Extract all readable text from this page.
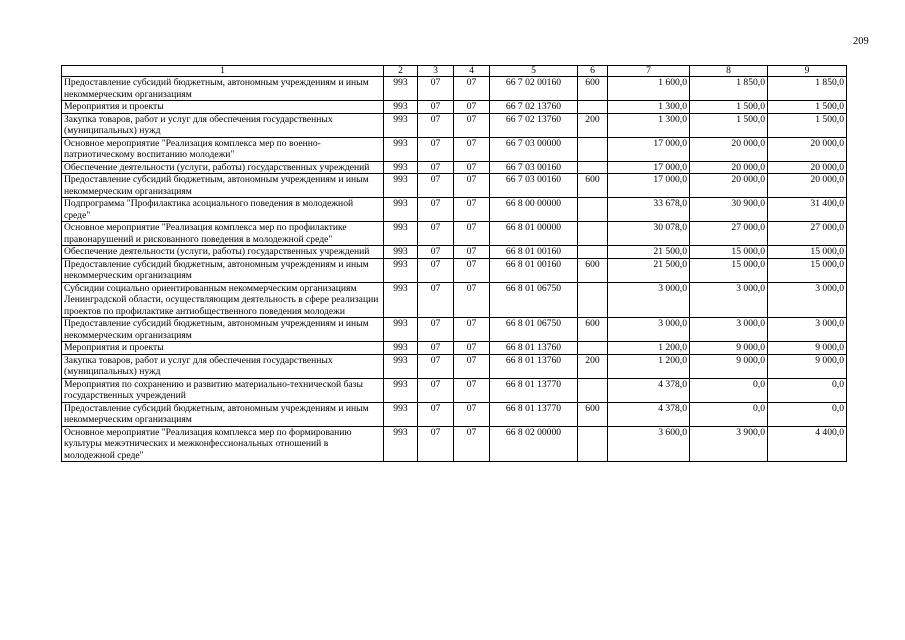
209
1	2	3	4	5	6	7	8	9
Предоставление субсидий бюджетным, автономным учреждениям и иным некоммерческим организациям	993	07	07	66 7 02 00160	600	1 600,0	1 850,0	1 850,0
Мероприятия и проекты	993	07	07	66 7 02 13760		1 300,0	1 500,0	1 500,0
Закупка товаров, работ и услуг для обеспечения государственных (муниципальных) нужд	993	07	07	66 7 02 13760	200	1 300,0	1 500,0	1 500,0
Основное мероприятие "Реализация комплекса мер по военно-патриотическому воспитанию молодежи"	993	07	07	66 7 03 00000		17 000,0	20 000,0	20 000,0
Обеспечение деятельности (услуги, работы) государственных учреждений	993	07	07	66 7 03 00160		17 000,0	20 000,0	20 000,0
Предоставление субсидий бюджетным, автономным учреждениям и иным некоммерческим организациям	993	07	07	66 7 03 00160	600	17 000,0	20 000,0	20 000,0
Подпрограмма "Профилактика асоциального поведения в молодежной среде"	993	07	07	66 8 00 00000		33 678,0	30 900,0	31 400,0
Основное мероприятие "Реализация комплекса мер по профилактике правонарушений и рискованного поведения в молодежной среде"	993	07	07	66 8 01 00000		30 078,0	27 000,0	27 000,0
Обеспечение деятельности (услуги, работы) государственных учреждений	993	07	07	66 8 01 00160		21 500,0	15 000,0	15 000,0
Предоставление субсидий бюджетным, автономным учреждениям и иным некоммерческим организациям	993	07	07	66 8 01 00160	600	21 500,0	15 000,0	15 000,0
Субсидии социально ориентированным некоммерческим организациям Ленинградской области, осуществляющим деятельность в сфере реализации проектов по профилактике антиобщественного поведения молодежи	993	07	07	66 8 01 06750		3 000,0	3 000,0	3 000,0
Предоставление субсидий бюджетным, автономным учреждениям и иным некоммерческим организациям	993	07	07	66 8 01 06750	600	3 000,0	3 000,0	3 000,0
Мероприятия и проекты	993	07	07	66 8 01 13760		1 200,0	9 000,0	9 000,0
Закупка товаров, работ и услуг для обеспечения государственных (муниципальных) нужд	993	07	07	66 8 01 13760	200	1 200,0	9 000,0	9 000,0
Мероприятия по сохранению и развитию материально-технической базы государственных учреждений	993	07	07	66 8 01 13770		4 378,0	0,0	0,0
Предоставление субсидий бюджетным, автономным учреждениям и иным некоммерческим организациям	993	07	07	66 8 01 13770	600	4 378,0	0,0	0,0
Основное мероприятие "Реализация комплекса мер по формированию культуры межэтнических и межконфессиональных отношений в молодежной среде"	993	07	07	66 8 02 00000		3 600,0	3 900,0	4 400,0
